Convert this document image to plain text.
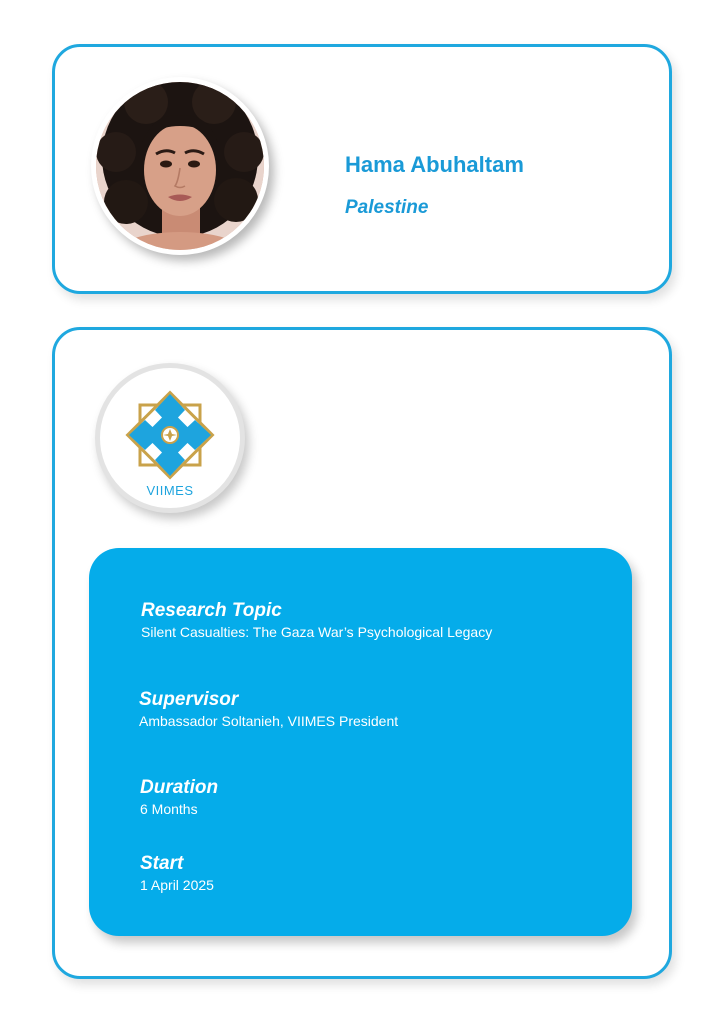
Hama Abuhaltam
Palestine
VIIMES
Research Topic
Silent Casualties: The Gaza War’s Psychological Legacy
Supervisor
Ambassador Soltanieh, VIIMES President
Duration
6 Months
Start
1 April 2025
